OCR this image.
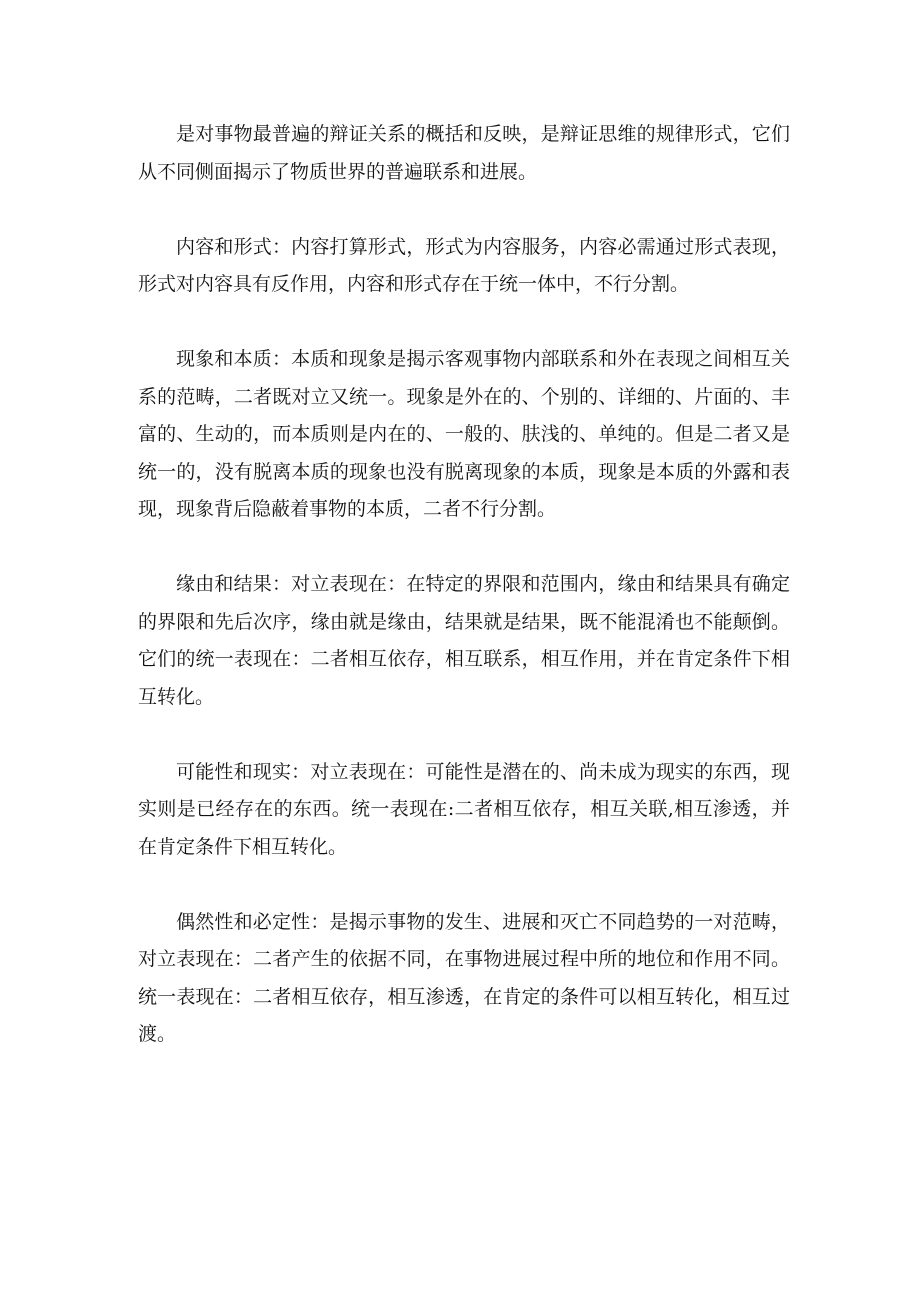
是对事物最普遍的辩证关系的概括和反映，是辩证思维的规律形式，它们从不同侧面揭示了物质世界的普遍联系和进展。

内容和形式：内容打算形式，形式为内容服务，内容必需通过形式表现，形式对内容具有反作用，内容和形式存在于统一体中，不行分割。

现象和本质：本质和现象是揭示客观事物内部联系和外在表现之间相互关系的范畴，二者既对立又统一。现象是外在的、个别的、详细的、片面的、丰富的、生动的，而本质则是内在的、一般的、肤浅的、单纯的。但是二者又是统一的，没有脱离本质的现象也没有脱离现象的本质，现象是本质的外露和表现，现象背后隐蔽着事物的本质，二者不行分割。

缘由和结果：对立表现在：在特定的界限和范围内，缘由和结果具有确定的界限和先后次序，缘由就是缘由，结果就是结果，既不能混淆也不能颠倒。它们的统一表现在：二者相互依存，相互联系，相互作用，并在肯定条件下相互转化。

可能性和现实：对立表现在：可能性是潜在的、尚未成为现实的东西，现实则是已经存在的东西。统一表现在:二者相互依存，相互关联,相互渗透，并在肯定条件下相互转化。

偶然性和必定性：是揭示事物的发生、进展和灭亡不同趋势的一对范畴，对立表现在：二者产生的依据不同，在事物进展过程中所的地位和作用不同。统一表现在：二者相互依存，相互渗透，在肯定的条件可以相互转化，相互过渡。
